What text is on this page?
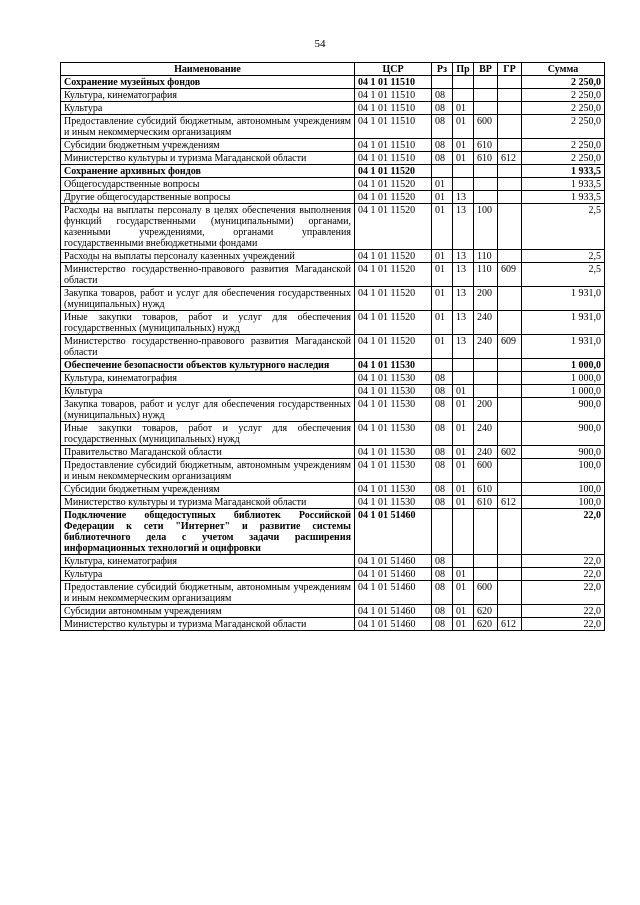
54
Наименование	ЦСР	Рз	Пр	ВР	ГР	Сумма
Сохранение музейных фондов	04 1 01 11510					2 250,0
Культура, кинематография	04 1 01 11510	08				2 250,0
Культура	04 1 01 11510	08	01			2 250,0
Предоставление субсидий бюджетным, автономным учреждениям и иным некоммерческим организациям	04 1 01 11510	08	01	600		2 250,0
Субсидии бюджетным учреждениям	04 1 01 11510	08	01	610		2 250,0
Министерство культуры и туризма Магаданской области	04 1 01 11510	08	01	610	612	2 250,0
Сохранение архивных фондов	04 1 01 11520					1 933,5
Общегосударственные вопросы	04 1 01 11520	01				1 933,5
Другие общегосударственные вопросы	04 1 01 11520	01	13			1 933,5
Расходы на выплаты персоналу в целях обеспечения выполнения функций государственными (муниципальными) органами, казенными учреждениями, органами управления государственными внебюджетными фондами	04 1 01 11520	01	13	100		2,5
Расходы на выплаты персоналу казенных учреждений	04 1 01 11520	01	13	110		2,5
Министерство государственно-правового развития Магаданской области	04 1 01 11520	01	13	110	609	2,5
Закупка товаров, работ и услуг для обеспечения государственных (муниципальных) нужд	04 1 01 11520	01	13	200		1 931,0
Иные закупки товаров, работ и услуг для обеспечения государственных (муниципальных) нужд	04 1 01 11520	01	13	240		1 931,0
Министерство государственно-правового развития Магаданской области	04 1 01 11520	01	13	240	609	1 931,0
Обеспечение безопасности объектов культурного наследия	04 1 01 11530					1 000,0
Культура, кинематография	04 1 01 11530	08				1 000,0
Культура	04 1 01 11530	08	01			1 000,0
Закупка товаров, работ и услуг для обеспечения государственных (муниципальных) нужд	04 1 01 11530	08	01	200		900,0
Иные закупки товаров, работ и услуг для обеспечения государственных (муниципальных) нужд	04 1 01 11530	08	01	240		900,0
Правительство Магаданской области	04 1 01 11530	08	01	240	602	900,0
Предоставление субсидий бюджетным, автономным учреждениям и иным некоммерческим организациям	04 1 01 11530	08	01	600		100,0
Субсидии бюджетным учреждениям	04 1 01 11530	08	01	610		100,0
Министерство культуры и туризма Магаданской области	04 1 01 11530	08	01	610	612	100,0
Подключение общедоступных библиотек Российской Федерации к сети "Интернет" и развитие системы библиотечного дела с учетом задачи расширения информационных технологий и оцифровки	04 1 01 51460					22,0
Культура, кинематография	04 1 01 51460	08				22,0
Культура	04 1 01 51460	08	01			22,0
Предоставление субсидий бюджетным, автономным учреждениям и иным некоммерческим организациям	04 1 01 51460	08	01	600		22,0
Субсидии автономным учреждениям	04 1 01 51460	08	01	620		22,0
Министерство культуры и туризма Магаданской области	04 1 01 51460	08	01	620	612	22,0
